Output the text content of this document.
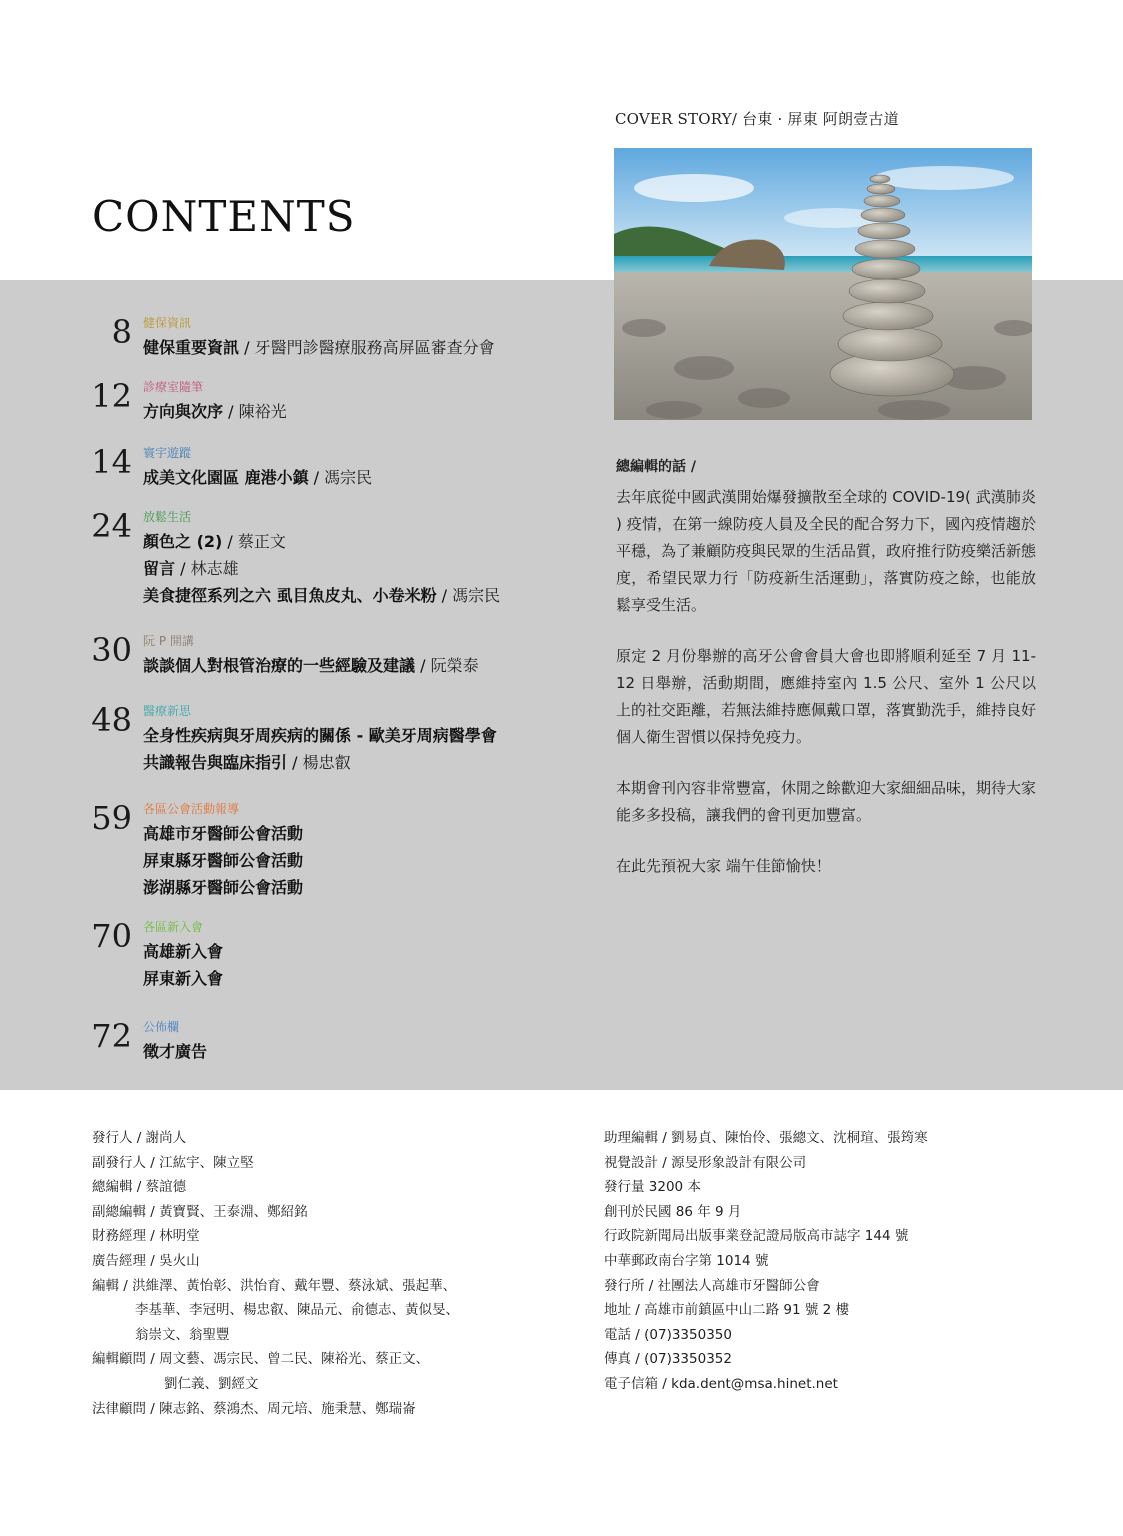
COVER STORY/ 台東 · 屏東 阿朗壹古道
CONTENTS
8 健保資訊
健保重要資訊 / 牙醫門診醫療服務高屏區審查分會
12 診療室隨筆
方向與次序 / 陳裕光
14 寰宇遊蹤
成美文化園區 鹿港小鎮 / 馮宗民
24 放鬆生活
顏色之 (2) / 蔡正文
留言 / 林志雄
美食捷徑系列之六 虱目魚皮丸、小卷米粉 / 馮宗民
30 阮 P 開講
談談個人對根管治療的一些經驗及建議 / 阮榮泰
48 醫療新思
全身性疾病與牙周疾病的關係 - 歐美牙周病醫學會
共識報告與臨床指引 / 楊忠叡
59 各區公會活動報導
高雄市牙醫師公會活動
屏東縣牙醫師公會活動
澎湖縣牙醫師公會活動
70 各區新入會
高雄新入會
屏東新入會
72 公佈欄
徵才廣告
總編輯的話 /

去年底從中國武漢開始爆發擴散至全球的 COVID-19( 武漢肺炎 ) 疫情，在第一線防疫人員及全民的配合努力下，國內疫情趨於平穩，為了兼顧防疫與民眾的生活品質，政府推行防疫樂活新態度，希望民眾力行「防疫新生活運動」，落實防疫之餘，也能放鬆享受生活。

原定 2 月份舉辦的高牙公會會員大會也即將順利延至 7 月 11-12 日舉辦，活動期間，應維持室內 1.5 公尺、室外 1 公尺以上的社交距離，若無法維持應佩戴口罩，落實勤洗手，維持良好個人衛生習慣以保持免疫力。

本期會刊內容非常豐富，休閒之餘歡迎大家細細品味，期待大家能多多投稿，讓我們的會刊更加豐富。

在此先預祝大家 端午佳節愉快！

發行人 / 謝尚人
副發行人 / 江紘宇、陳立堅
總編輯 / 蔡誼德
副總編輯 / 黃寶賢、王泰淵、鄭紹銘
財務經理 / 林明堂
廣告經理 / 吳火山
編輯 / 洪維澤、黃怡彰、洪怡育、戴年豐、蔡泳斌、張起華、
李基華、李冠明、楊忠叡、陳品元、俞德志、黃似旻、
翁崇文、翁聖豐
編輯顧問 / 周文藝、馮宗民、曾二民、陳裕光、蔡正文、
劉仁義、劉經文
法律顧問 / 陳志銘、蔡鴻杰、周元培、施秉慧、鄭瑞崙
助理編輯 / 劉易貞、陳怡伶、張總文、沈桐瑄、張筠寒
視覺設計 / 源旻形象設計有限公司
發行量 3200 本
創刊於民國 86 年 9 月
行政院新聞局出版事業登記證局版高市誌字 144 號
中華郵政南台字第 1014 號
發行所 / 社團法人高雄市牙醫師公會
地址 / 高雄市前鎮區中山二路 91 號 2 樓
電話 / (07)3350350
傳真 / (07)3350352
電子信箱 / kda.dent@msa.hinet.net
